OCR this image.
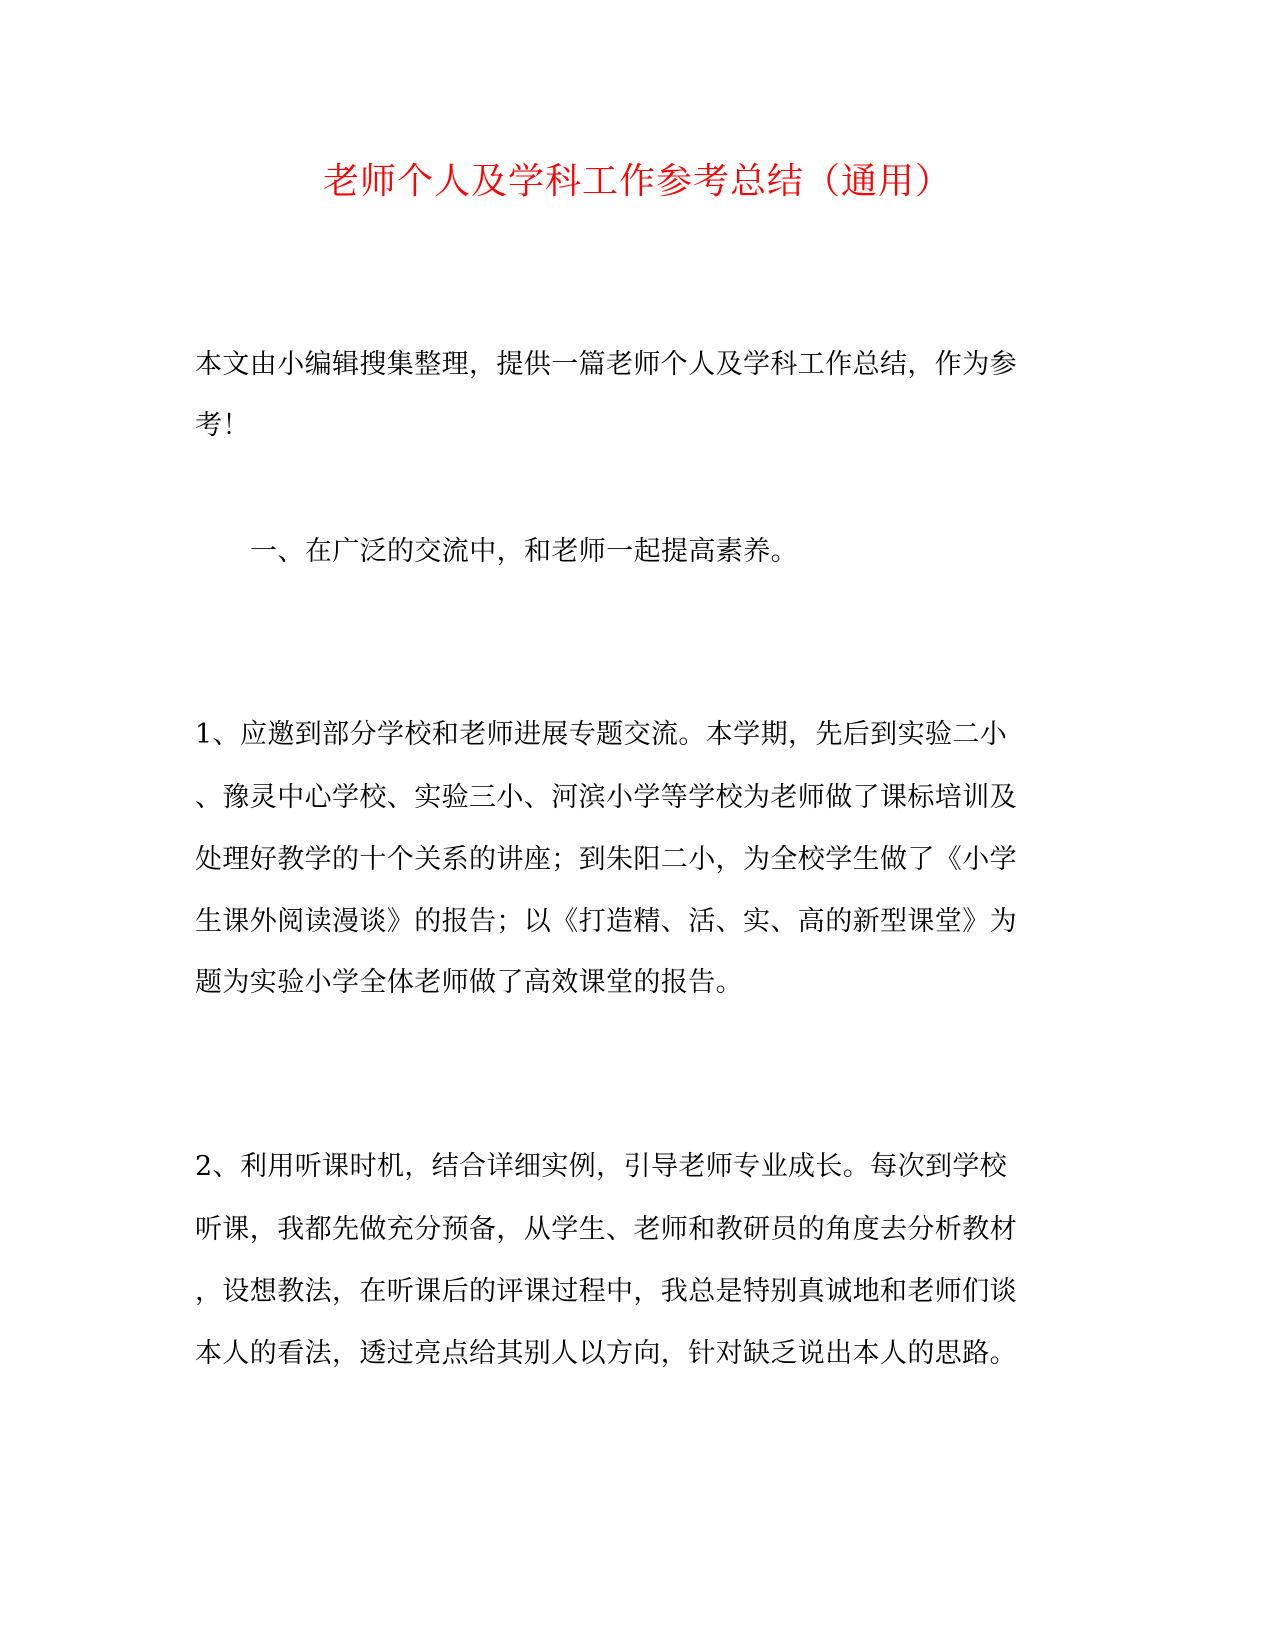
老师个人及学科工作参考总结（通用）
本文由小编辑搜集整理，提供一篇老师个人及学科工作总结，作为参
考！
一、在广泛的交流中，和老师一起提高素养。
1、应邀到部分学校和老师进展专题交流。本学期，先后到实验二小
、豫灵中心学校、实验三小、河滨小学等学校为老师做了课标培训及
处理好教学的十个关系的讲座；到朱阳二小，为全校学生做了《小学
生课外阅读漫谈》的报告；以《打造精、活、实、高的新型课堂》为
题为实验小学全体老师做了高效课堂的报告。
2、利用听课时机，结合详细实例，引导老师专业成长。每次到学校
听课，我都先做充分预备，从学生、老师和教研员的角度去分析教材
，设想教法，在听课后的评课过程中，我总是特别真诚地和老师们谈
本人的看法，透过亮点给其别人以方向，针对缺乏说出本人的思路。
